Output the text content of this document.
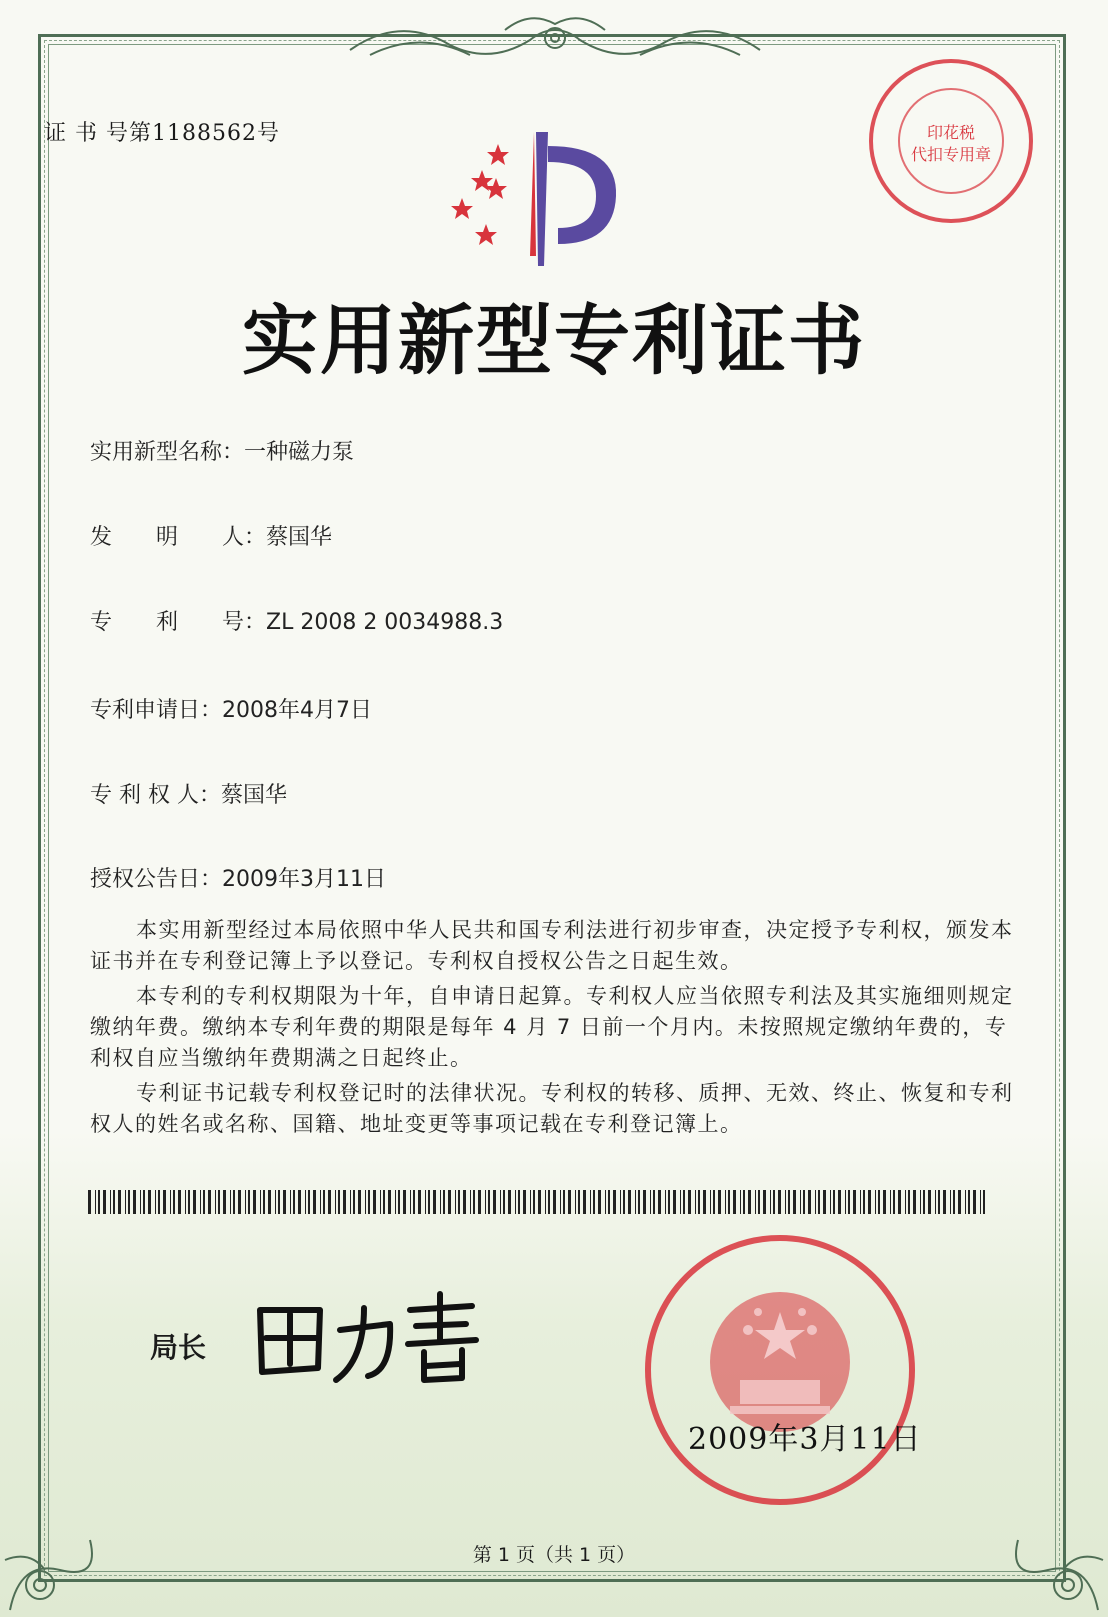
证 书 号第1188562号
实用新型专利证书
实用新型名称：一种磁力泵
发　　明　　人：蔡国华
专　　利　　号：ZL 2008 2 0034988.3
专利申请日：2008年4月7日
专 利 权 人：蔡国华
授权公告日：2009年3月11日

本实用新型经过本局依照中华人民共和国专利法进行初步审查，决定授予专利权，颁发本证书并在专利登记簿上予以登记。专利权自授权公告之日起生效。

本专利的专利权期限为十年，自申请日起算。专利权人应当依照专利法及其实施细则规定缴纳年费。缴纳本专利年费的期限是每年 4 月 7 日前一个月内。未按照规定缴纳年费的，专利权自应当缴纳年费期满之日起终止。

专利证书记载专利权登记时的法律状况。专利权的转移、质押、无效、终止、恢复和专利权人的姓名或名称、国籍、地址变更等事项记载在专利登记簿上。

局长
印花税
代扣专用章
2009年3月11日
第 1 页（共 1 页）
